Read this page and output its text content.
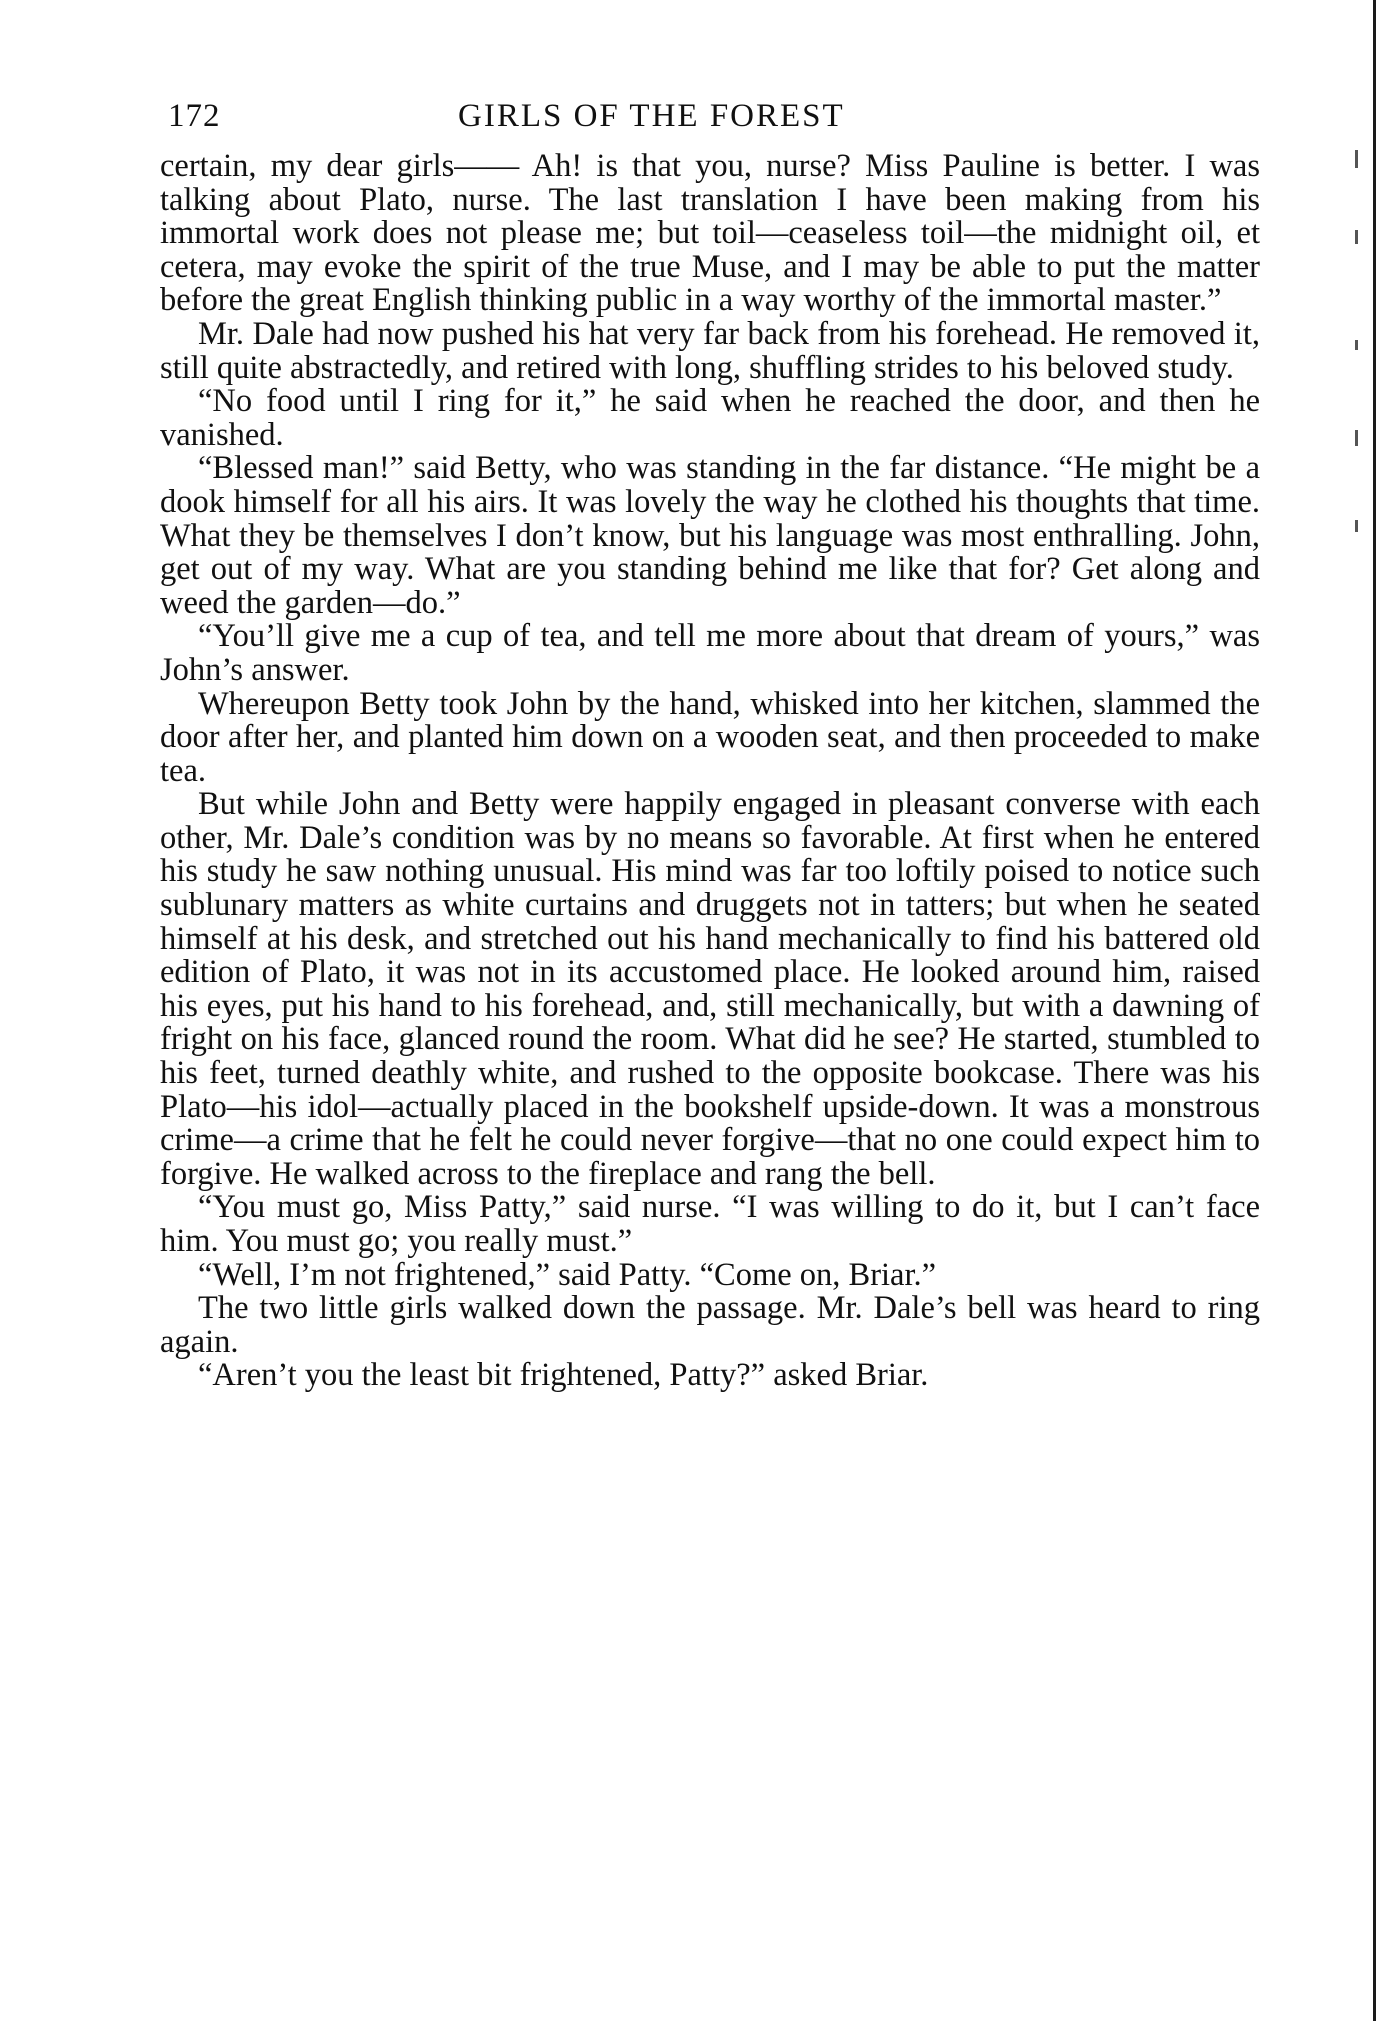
172	GIRLS OF THE FOREST

certain, my dear girls—— Ah! is that you, nurse? Miss Pauline is better. I was talking about Plato, nurse. The last translation I have been making from his immortal work does not please me; but toil—ceaseless toil—the midnight oil, et cetera, may evoke the spirit of the true Muse, and I may be able to put the matter before the great English thinking public in a way worthy of the immortal master.”

Mr. Dale had now pushed his hat very far back from his forehead. He removed it, still quite abstractedly, and retired with long, shuffling strides to his beloved study.

“No food until I ring for it,” he said when he reached the door, and then he vanished.

“Blessed man!” said Betty, who was standing in the far distance. “He might be a dook himself for all his airs. It was lovely the way he clothed his thoughts that time. What they be themselves I don’t know, but his language was most enthralling. John, get out of my way. What are you standing behind me like that for? Get along and weed the garden—do.”

“You’ll give me a cup of tea, and tell me more about that dream of yours,” was John’s answer.

Whereupon Betty took John by the hand, whisked into her kitchen, slammed the door after her, and planted him down on a wooden seat, and then proceeded to make tea.

But while John and Betty were happily engaged in pleasant converse with each other, Mr. Dale’s condition was by no means so favorable. At first when he entered his study he saw nothing unusual. His mind was far too loftily poised to notice such sublunary matters as white curtains and druggets not in tatters; but when he seated himself at his desk, and stretched out his hand mechanically to find his battered old edition of Plato, it was not in its accustomed place. He looked around him, raised his eyes, put his hand to his forehead, and, still mechanically, but with a dawning of fright on his face, glanced round the room. What did he see? He started, stumbled to his feet, turned deathly white, and rushed to the opposite bookcase. There was his Plato—his idol—actually placed in the bookshelf upside-down. It was a monstrous crime—a crime that he felt he could never forgive—that no one could expect him to forgive. He walked across to the fireplace and rang the bell.

“You must go, Miss Patty,” said nurse. “I was willing to do it, but I can’t face him. You must go; you really must.”

“Well, I’m not frightened,” said Patty. “Come on, Briar.”

The two little girls walked down the passage. Mr. Dale’s bell was heard to ring again.

“Aren’t you the least bit frightened, Patty?” asked Briar.
